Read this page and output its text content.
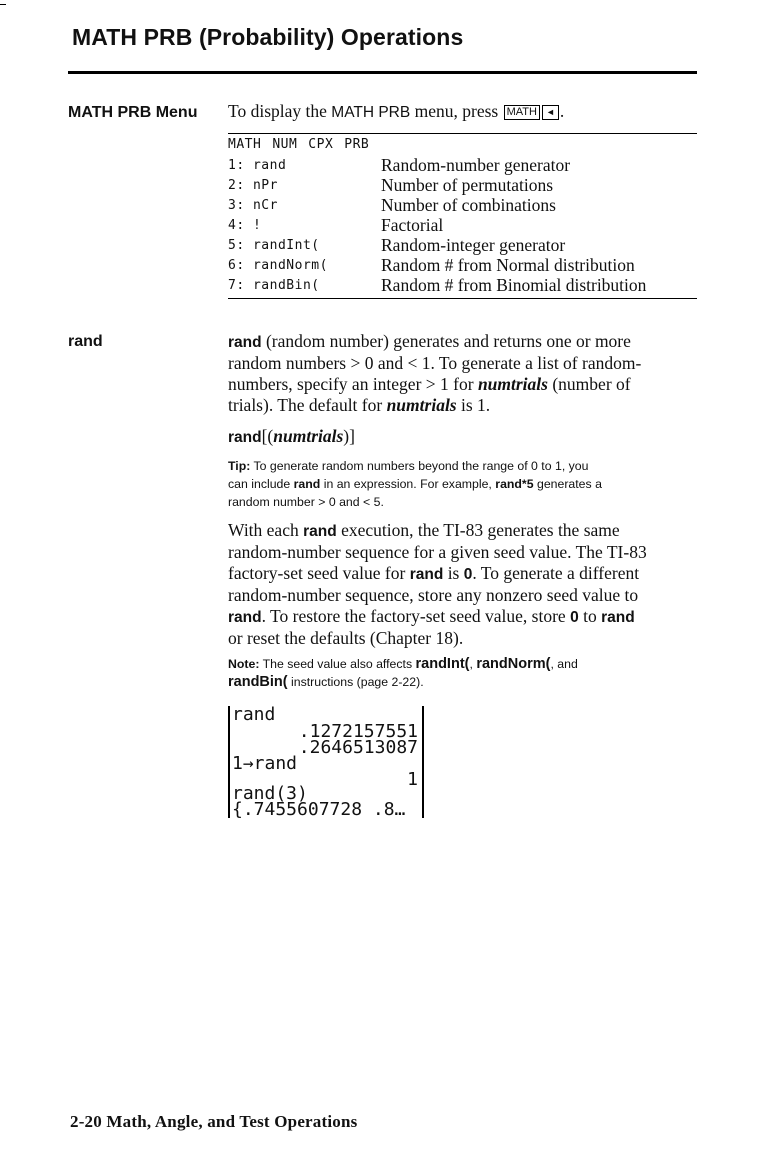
MATH PRB (Probability) Operations
MATH PRB Menu To display the MATH PRB menu, press MATH ◄ .
MATH NUM CPX PRB
1: rand	Random-number generator
2: nPr	Number of permutations
3: nCr	Number of combinations
4: !	Factorial
5: randInt(	Random-integer generator
6: randNorm(	Random # from Normal distribution
7: randBin(	Random # from Binomial distribution
rand	rand (random number) generates and returns one or more
random numbers > 0 and < 1. To generate a list of random-
numbers, specify an integer > 1 for numtrials (number of
trials). The default for numtrials is 1.
rand[(numtrials)]
Tip: To generate random numbers beyond the range of 0 to 1, you
can include rand in an expression. For example, rand*5 generates a
random number > 0 and < 5.
With each rand execution, the TI-83 generates the same
random-number sequence for a given seed value. The TI-83
factory-set seed value for rand is 0. To generate a different
random-number sequence, store any nonzero seed value to
rand. To restore the factory-set seed value, store 0 to rand
or reset the defaults (Chapter 18).
Note: The seed value also affects randInt(, randNorm(, and
randBin( instructions (page 2-22).
rand
.1272157551
.2646513087
1→rand
1
rand(3)
{.7455607728 .8…
2-20 Math, Angle, and Test Operations
